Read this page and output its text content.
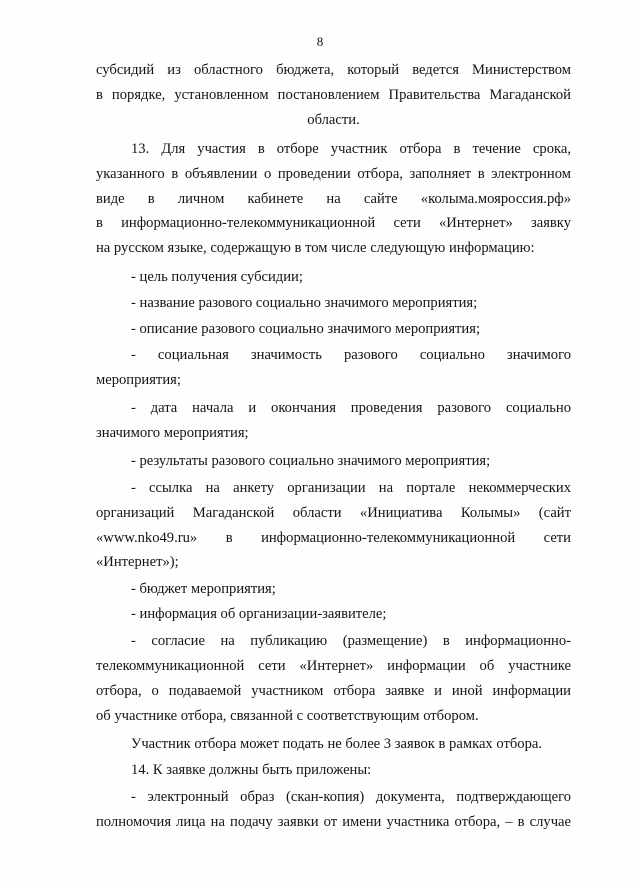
8
субсидий из областного бюджета, который ведется Министерством
в порядке, установленном постановлением Правительства Магаданской
области.
13. Для участия в отборе участник отбора в течение срока,
указанного в объявлении о проведении отбора, заполняет в электронном
виде в личном кабинете на сайте «колыма.мояроссия.рф»
в информационно-телекоммуникационной сети «Интернет» заявку
на русском языке, содержащую в том числе следующую информацию:
- цель получения субсидии;
- название разового социально значимого мероприятия;
- описание разового социально значимого мероприятия;
- социальная значимость разового социально значимого
мероприятия;
- дата начала и окончания проведения разового социально
значимого мероприятия;
- результаты разового социально значимого мероприятия;
- ссылка на анкету организации на портале некоммерческих
организаций Магаданской области «Инициатива Колымы» (сайт
«www.nko49.ru» в информационно-телекоммуникационной сети
«Интернет»);
- бюджет мероприятия;
- информация об организации-заявителе;
- согласие на публикацию (размещение) в информационно-
телекоммуникационной сети «Интернет» информации об участнике
отбора, о подаваемой участником отбора заявке и иной информации
об участнике отбора, связанной с соответствующим отбором.
Участник отбора может подать не более 3 заявок в рамках отбора.
14. К заявке должны быть приложены:
- электронный образ (скан-копия) документа, подтверждающего
полномочия лица на подачу заявки от имени участника отбора, – в случае
